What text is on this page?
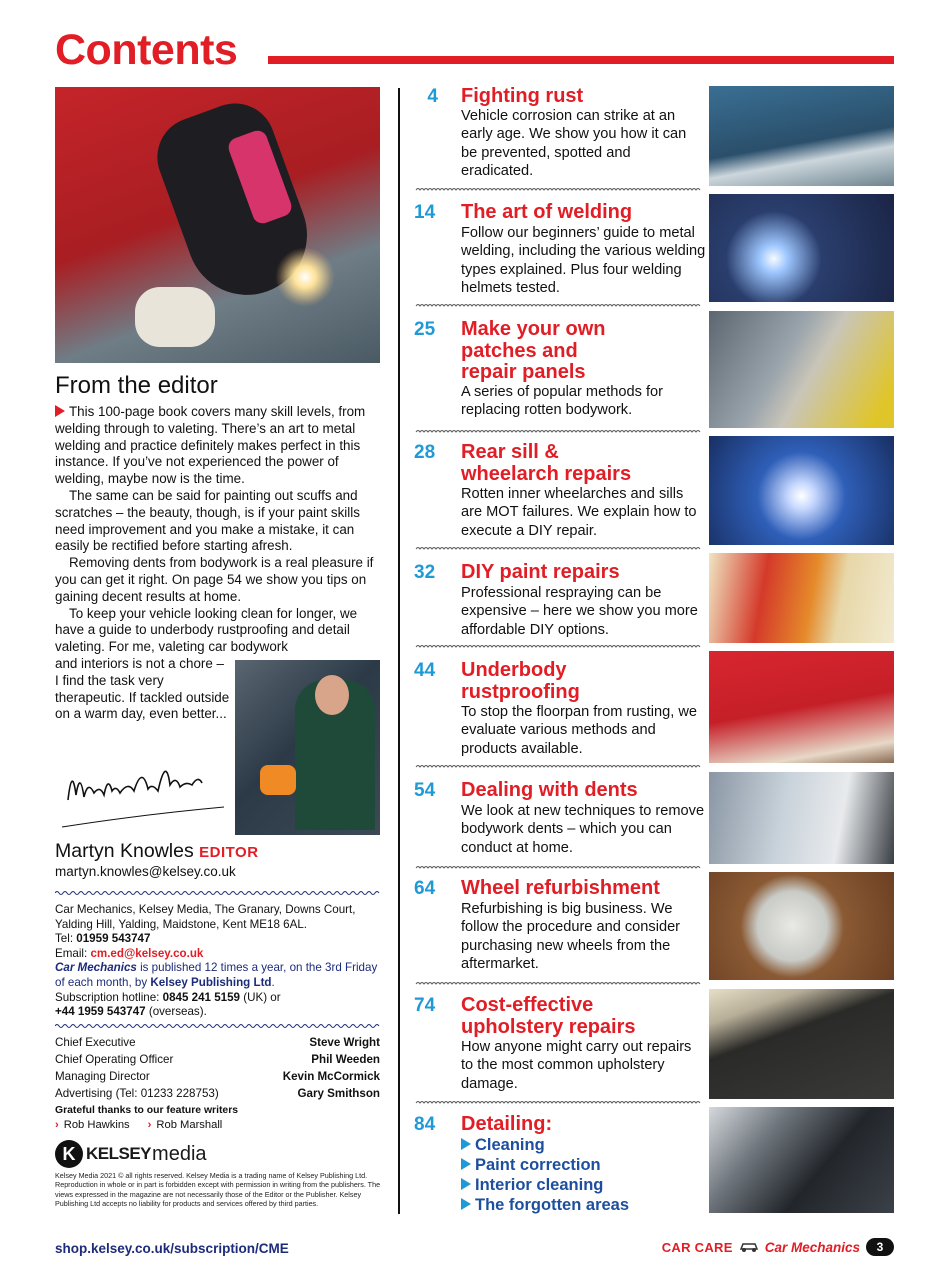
Contents
From the editor

This 100-page book covers many skill levels, from welding through to valeting. There’s an art to metal welding and practice definitely makes perfect in this instance. If you’ve not experienced the power of welding, maybe now is the time.

The same can be said for painting out scuffs and scratches – the beauty, though, is if your paint skills need improvement and you make a mistake, it can easily be rectified before starting afresh.

Removing dents from bodywork is a real pleasure if you can get it right. On page 54 we show you tips on gaining decent results at home.

To keep your vehicle looking clean for longer, we have a guide to underbody rustproofing and detail valeting. For me, valeting car bodywork

and interiors is not a chore – I find the task very therapeutic. If tackled outside on a warm day, even better...

Martyn Knowles EDITOR
martyn.knowles@kelsey.co.uk
Car Mechanics, Kelsey Media, The Granary, Downs Court, Yalding Hill, Yalding, Maidstone, Kent ME18 6AL.
Tel: 01959 543747
Email: cm.ed@kelsey.co.uk
Car Mechanics is published 12 times a year, on the 3rd Friday of each month, by Kelsey Publishing Ltd.
Subscription hotline: 0845 241 5159 (UK) or
+44 1959 543747 (overseas).
Chief Executive	Steve Wright
Chief Operating Officer	Phil Weeden
Managing Director	Kevin McCormick
Advertising (Tel: 01233 228753)	Gary Smithson
Grateful thanks to our feature writers
› Rob Hawkins › Rob Marshall
K KELSEY media
Kelsey Media 2021 © all rights reserved. Kelsey Media is a trading name of Kelsey Publishing Ltd. Reproduction in whole or in part is forbidden except with permission in writing from the publishers. The views expressed in the magazine are not necessarily those of the Editor or the Publisher. Kelsey Publishing Ltd accepts no liability for products and services offered by third parties.
4 Fighting rust
Vehicle corrosion can strike at an early age. We show you how it can be prevented, spotted and eradicated.
14	The art of welding
Follow our beginners’ guide to metal welding, including the various welding types explained. Plus four welding helmets tested.
25	Make your own patches and repair panels
A series of popular methods for replacing rotten bodywork.
28	Rear sill & wheelarch repairs
Rotten inner wheelarches and sills are MOT failures. We explain how to execute a DIY repair.
32	DIY paint repairs
Professional respraying can be expensive – here we show you more affordable DIY options.
44	Underbody rustproofing
To stop the floorpan from rusting, we evaluate various methods and products available.
54	Dealing with dents
We look at new techniques to remove bodywork dents – which you can conduct at home.
64	Wheel refurbishment
Refurbishing is big business. We follow the procedure and consider purchasing new wheels from the aftermarket.
74	Cost-effective upholstery repairs
How anyone might carry out repairs to the most common upholstery damage.
84	Detailing:
Cleaning
Paint correction
Interior cleaning
The forgotten areas
shop.kelsey.co.uk/subscription/CME	CAR CARE Car Mechanics	3
